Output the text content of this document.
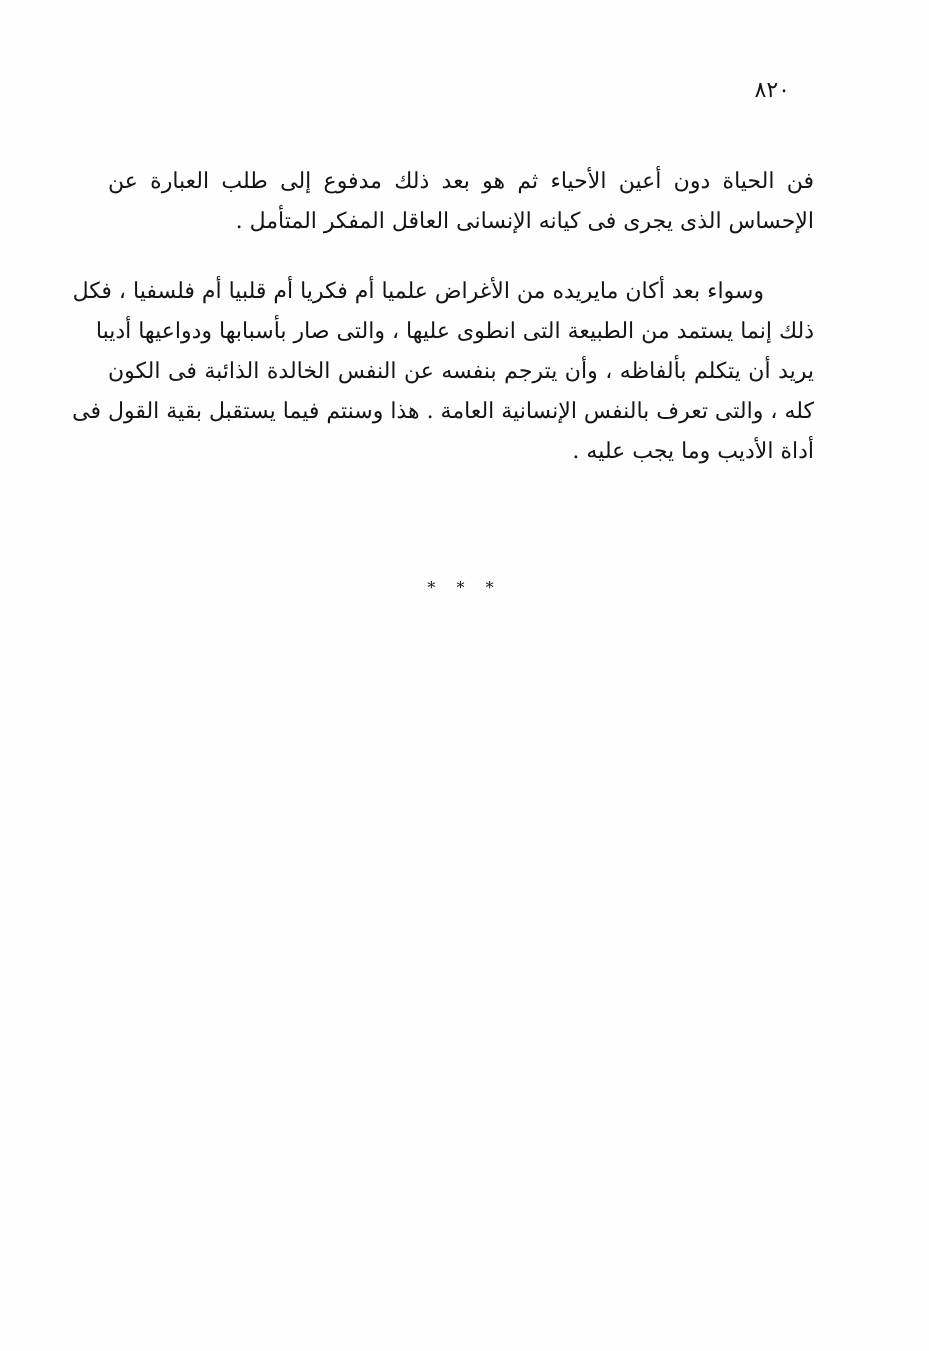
٨٢٠
فن الحياة دون أعين الأحياء ثم هو بعد ذلك مدفوع إلى طلب العبارة عن
الإحساس الذى يجرى فى كيانه الإنسانى العاقل المفكر المتأمل .
وسواء بعد أكان مايريده من الأغراض علميا أم فكريا أم قلبيا أم فلسفيا ، فكل
ذلك إنما يستمد من الطبيعة التى انطوى عليها ، والتى صار بأسبابها ودواعيها أديبا
يريد أن يتكلم بألفاظه ، وأن يترجم بنفسه عن النفس الخالدة الذائبة فى الكون
كله ، والتى تعرف بالنفس الإنسانية العامة . هذا وسنتم فيما يستقبل بقية القول فى
أداة الأديب وما يجب عليه .
* * *
